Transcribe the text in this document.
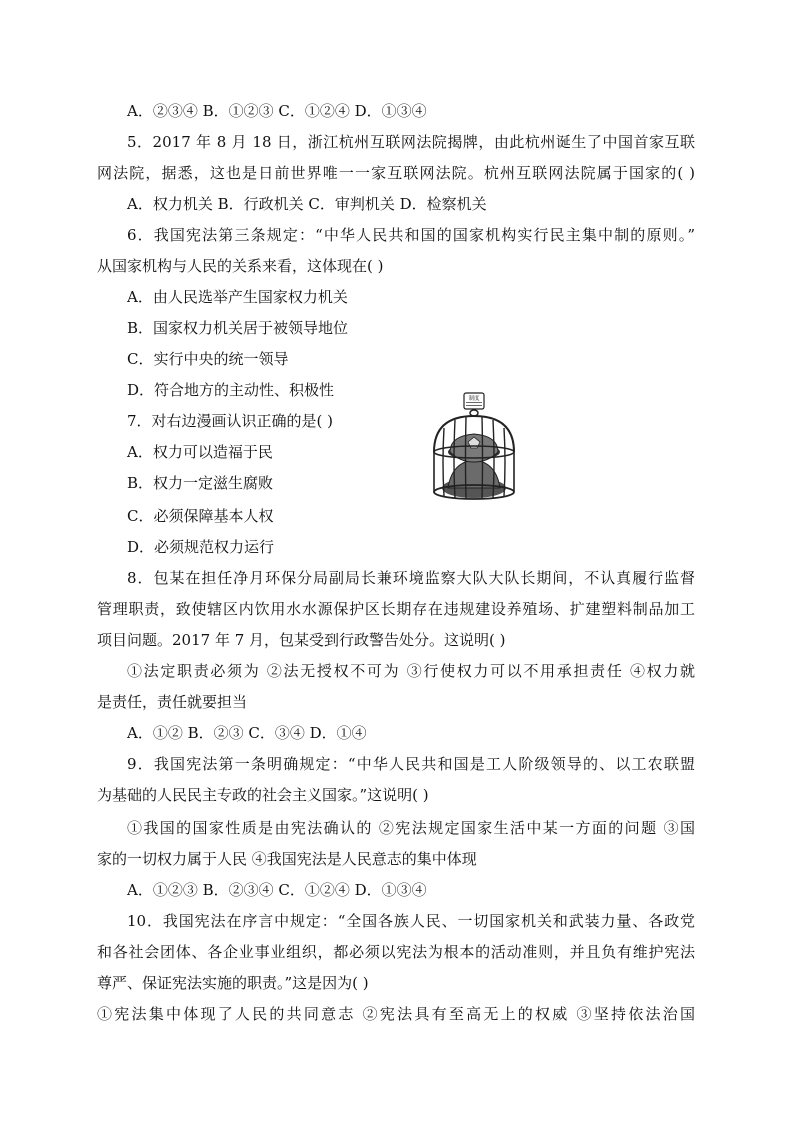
A．②③④ B．①②③ C．①②④ D．①③④
5．2017 年 8 月 18 日，浙江杭州互联网法院揭牌，由此杭州诞生了中国首家互联
网法院，据悉，这也是日前世界唯一一家互联网法院。杭州互联网法院属于国家的( )
A．权力机关 B．行政机关 C．审判机关 D．检察机关
6．我国宪法第三条规定：“中华人民共和国的国家机构实行民主集中制的原则。”
从国家机构与人民的关系来看，这体现在( )
A．由人民选举产生国家权力机关
B．国家权力机关居于被领导地位
C．实行中央的统一领导
D．符合地方的主动性、积极性
7．对右边漫画认识正确的是( )
A．权力可以造福于民
B．权力一定滋生腐败
C．必须保障基本人权
D．必须规范权力运行
制度
8．包某在担任净月环保分局副局长兼环境监察大队大队长期间，不认真履行监督
管理职责，致使辖区内饮用水水源保护区长期存在违规建设养殖场、扩建塑料制品加工
项目问题。2017 年 7 月，包某受到行政警告处分。这说明( )
①法定职责必须为 ②法无授权不可为 ③行使权力可以不用承担责任 ④权力就
是责任，责任就要担当
A．①② B．②③ C．③④ D．①④
9．我国宪法第一条明确规定：“中华人民共和国是工人阶级领导的、以工农联盟
为基础的人民民主专政的社会主义国家。”这说明( )
①我国的国家性质是由宪法确认的 ②宪法规定国家生活中某一方面的问题 ③国
家的一切权力属于人民 ④我国宪法是人民意志的集中体现
A．①②③ B．②③④ C．①②④ D．①③④
10．我国宪法在序言中规定：“全国各族人民、一切国家机关和武装力量、各政党
和各社会团体、各企业事业组织，都必须以宪法为根本的活动准则，并且负有维护宪法
尊严、保证宪法实施的职责。”这是因为( )
①宪法集中体现了人民的共同意志 ②宪法具有至高无上的权威 ③坚持依法治国
